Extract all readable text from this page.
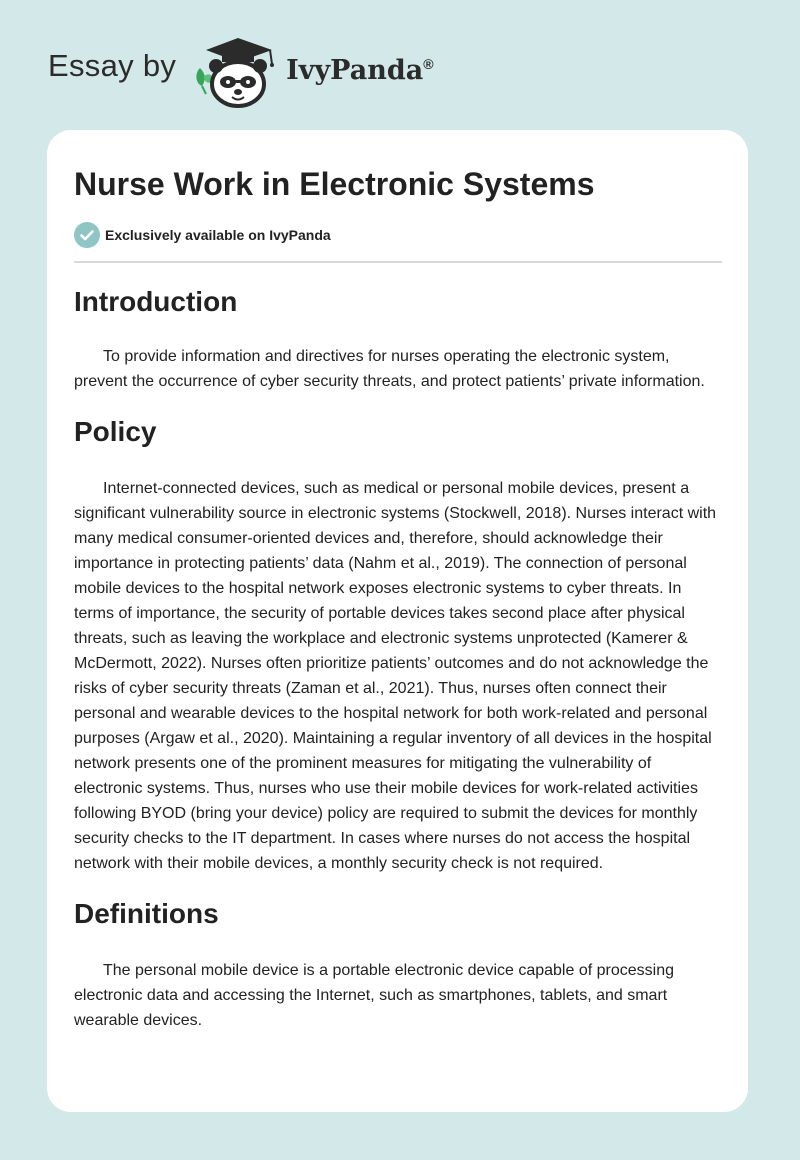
Essay by	IvyPanda®
Nurse Work in Electronic Systems
Exclusively available on IvyPanda
Introduction

To provide information and directives for nurses operating the electronic system, prevent the occurrence of cyber security threats, and protect patients’ private information.

Policy

Internet-connected devices, such as medical or personal mobile devices, present a significant vulnerability source in electronic systems (Stockwell, 2018). Nurses interact with many medical consumer-oriented devices and, therefore, should acknowledge their importance in protecting patients’ data (Nahm et al., 2019). The connection of personal mobile devices to the hospital network exposes electronic systems to cyber threats. In terms of importance, the security of portable devices takes second place after physical threats, such as leaving the workplace and electronic systems unprotected (Kamerer & McDermott, 2022). Nurses often prioritize patients’ outcomes and do not acknowledge the risks of cyber security threats (Zaman et al., 2021). Thus, nurses often connect their personal and wearable devices to the hospital network for both work-related and personal purposes (Argaw et al., 2020). Maintaining a regular inventory of all devices in the hospital network presents one of the prominent measures for mitigating the vulnerability of electronic systems. Thus, nurses who use their mobile devices for work-related activities following BYOD (bring your device) policy are required to submit the devices for monthly security checks to the IT department. In cases where nurses do not access the hospital network with their mobile devices, a monthly security check is not required.

Definitions

The personal mobile device is a portable electronic device capable of processing electronic data and accessing the Internet, such as smartphones, tablets, and smart wearable devices.
